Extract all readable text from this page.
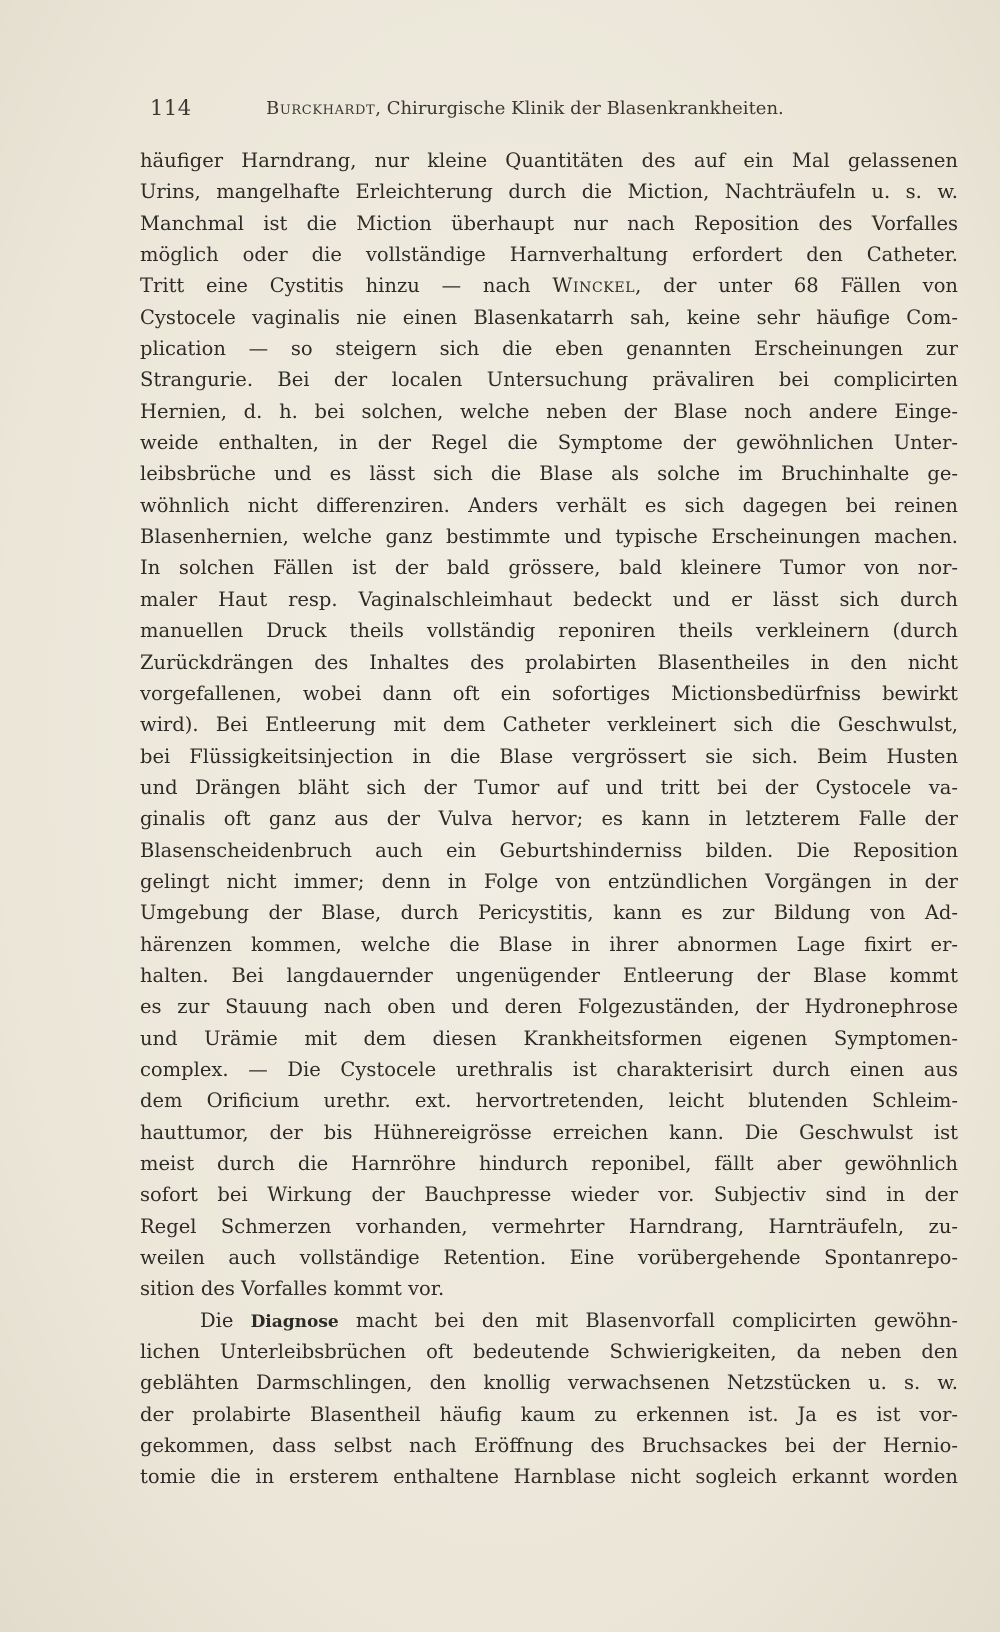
114	Burckhardt, Chirurgische Klinik der Blasenkrankheiten.
häufiger Harndrang, nur kleine Quantitäten des auf ein Mal gelassenen
Urins, mangelhafte Erleichterung durch die Miction, Nachträufeln u. s. w.
Manchmal ist die Miction überhaupt nur nach Reposition des Vorfalles
möglich oder die vollständige Harnverhaltung erfordert den Catheter.
Tritt eine Cystitis hinzu — nach Winckel, der unter 68 Fällen von
Cystocele vaginalis nie einen Blasenkatarrh sah, keine sehr häufige Com-
plication — so steigern sich die eben genannten Erscheinungen zur
Strangurie. Bei der localen Untersuchung prävaliren bei complicirten
Hernien, d. h. bei solchen, welche neben der Blase noch andere Einge-
weide enthalten, in der Regel die Symptome der gewöhnlichen Unter-
leibsbrüche und es lässt sich die Blase als solche im Bruchinhalte ge-
wöhnlich nicht differenziren. Anders verhält es sich dagegen bei reinen
Blasenhernien, welche ganz bestimmte und typische Erscheinungen machen.
In solchen Fällen ist der bald grössere, bald kleinere Tumor von nor-
maler Haut resp. Vaginalschleimhaut bedeckt und er lässt sich durch
manuellen Druck theils vollständig reponiren theils verkleinern (durch
Zurückdrängen des Inhaltes des prolabirten Blasentheiles in den nicht
vorgefallenen, wobei dann oft ein sofortiges Mictionsbedürfniss bewirkt
wird). Bei Entleerung mit dem Catheter verkleinert sich die Geschwulst,
bei Flüssigkeitsinjection in die Blase vergrössert sie sich. Beim Husten
und Drängen bläht sich der Tumor auf und tritt bei der Cystocele va-
ginalis oft ganz aus der Vulva hervor; es kann in letzterem Falle der
Blasenscheidenbruch auch ein Geburtshinderniss bilden. Die Reposition
gelingt nicht immer; denn in Folge von entzündlichen Vorgängen in der
Umgebung der Blase, durch Pericystitis, kann es zur Bildung von Ad-
härenzen kommen, welche die Blase in ihrer abnormen Lage fixirt er-
halten. Bei langdauernder ungenügender Entleerung der Blase kommt
es zur Stauung nach oben und deren Folgezuständen, der Hydronephrose
und Urämie mit dem diesen Krankheitsformen eigenen Symptomen-
complex. — Die Cystocele urethralis ist charakterisirt durch einen aus
dem Orificium urethr. ext. hervortretenden, leicht blutenden Schleim-
hauttumor, der bis Hühnereigrösse erreichen kann. Die Geschwulst ist
meist durch die Harnröhre hindurch reponibel, fällt aber gewöhnlich
sofort bei Wirkung der Bauchpresse wieder vor. Subjectiv sind in der
Regel Schmerzen vorhanden, vermehrter Harndrang, Harnträufeln, zu-
weilen auch vollständige Retention. Eine vorübergehende Spontanrepo-
sition des Vorfalles kommt vor.
Die Diagnose macht bei den mit Blasenvorfall complicirten gewöhn-
lichen Unterleibsbrüchen oft bedeutende Schwierigkeiten, da neben den
geblähten Darmschlingen, den knollig verwachsenen Netzstücken u. s. w.
der prolabirte Blasentheil häufig kaum zu erkennen ist. Ja es ist vor-
gekommen, dass selbst nach Eröffnung des Bruchsackes bei der Hernio-
tomie die in ersterem enthaltene Harnblase nicht sogleich erkannt worden
